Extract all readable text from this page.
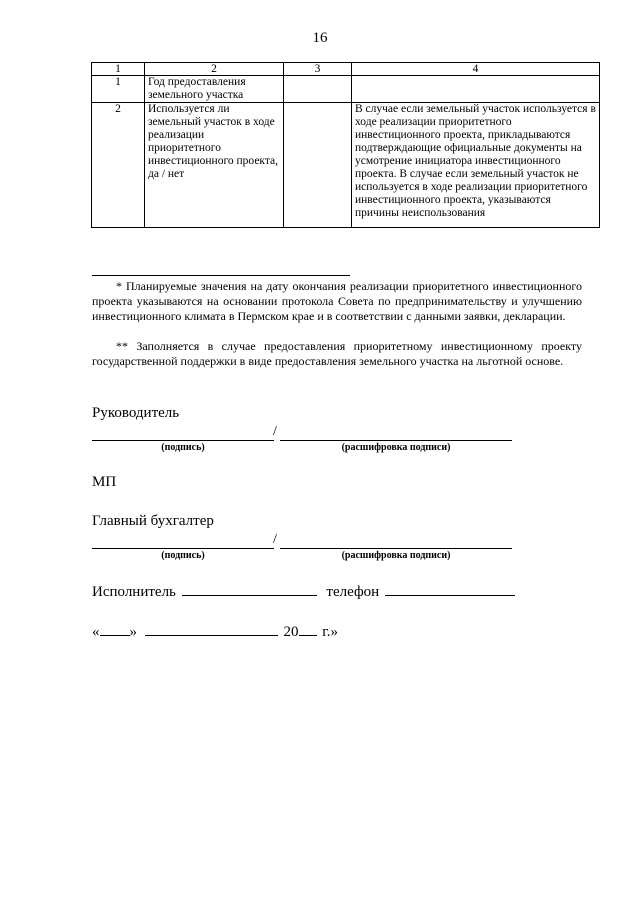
16
1	2	3	4
1	Год предоставления земельного участка		
2	Используется ли земельный участок в ходе реализации приоритетного инвестиционного проекта, да / нет		В случае если земельный участок используется в ходе реализации приоритетного инвестиционного проекта, прикладываются подтверждающие официальные документы на усмотрение инициатора инвестиционного проекта. В случае если земельный участок не используется в ходе реализации приоритетного инвестиционного проекта, указываются причины неиспользования
* Планируемые значения на дату окончания реализации приоритетного инвестиционного проекта указываются на основании протокола Совета по предпринимательству и улучшению инвестиционного климата в Пермском крае и в соответствии с данными заявки, декларации.
** Заполняется в случае предоставления приоритетному инвестиционному проекту государственной поддержки в виде предоставления земельного участка на льготной основе.
Руководитель
/
(подпись)	(расшифровка подписи)
МП
Главный бухгалтер
/
(подпись)	(расшифровка подписи)
Исполнитель	телефон
« »	20 г.»
